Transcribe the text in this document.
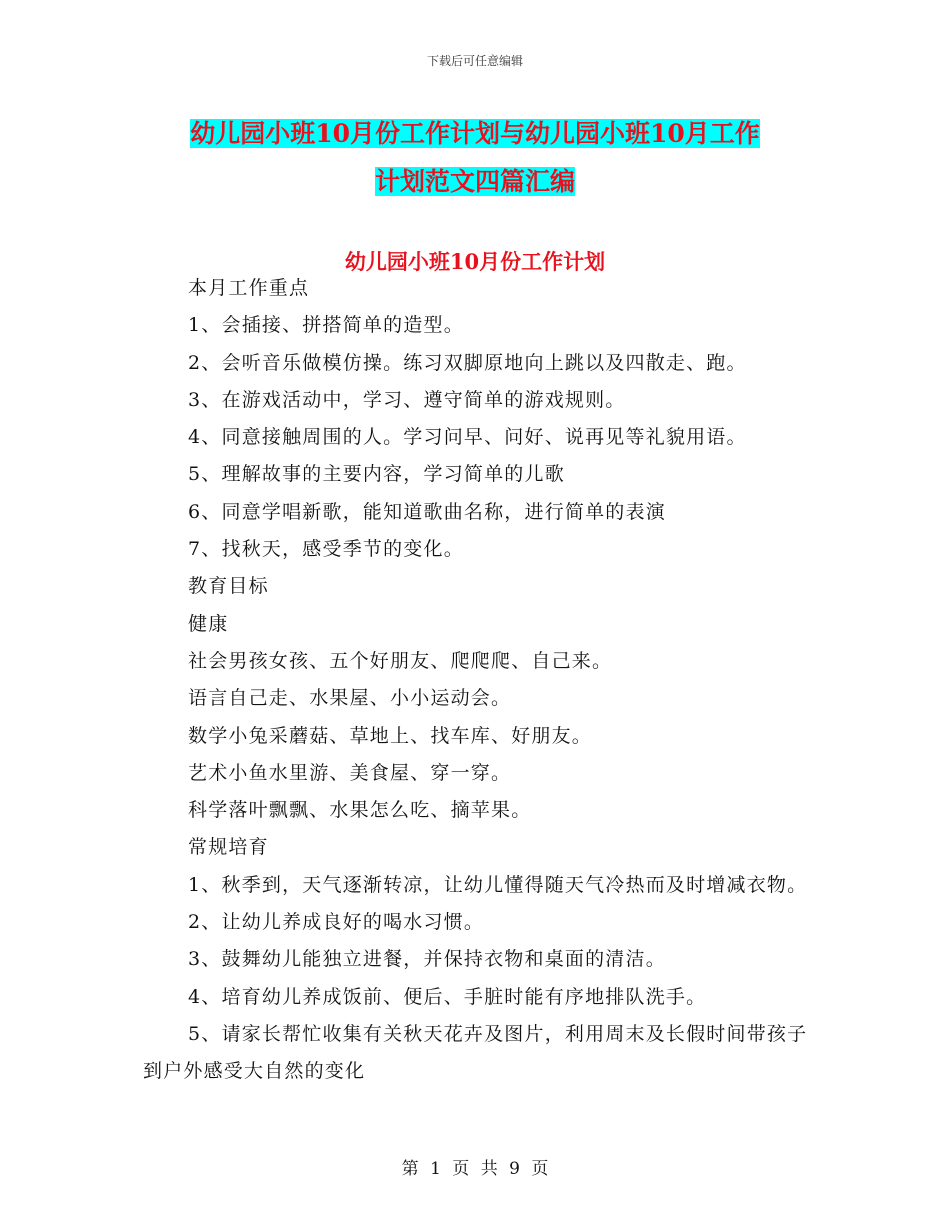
下载后可任意编辑
幼儿园小班10月份工作计划与幼儿园小班10月工作
计划范文四篇汇编
幼儿园小班10月份工作计划

本月工作重点

1、会插接、拼搭简单的造型。

2、会听音乐做模仿操。练习双脚原地向上跳以及四散走、跑。

3、在游戏活动中，学习、遵守简单的游戏规则。

4、同意接触周围的人。学习问早、问好、说再见等礼貌用语。

5、理解故事的主要内容，学习简单的儿歌

6、同意学唱新歌，能知道歌曲名称，进行简单的表演

7、找秋天，感受季节的变化。

教育目标

健康

社会男孩女孩、五个好朋友、爬爬爬、自己来。

语言自己走、水果屋、小小运动会。

数学小兔采蘑菇、草地上、找车库、好朋友。

艺术小鱼水里游、美食屋、穿一穿。

科学落叶飘飘、水果怎么吃、摘苹果。

常规培育

1、秋季到，天气逐渐转凉，让幼儿懂得随天气冷热而及时增减衣物。

2、让幼儿养成良好的喝水习惯。

3、鼓舞幼儿能独立进餐，并保持衣物和桌面的清洁。

4、培育幼儿养成饭前、便后、手脏时能有序地排队洗手。

5、请家长帮忙收集有关秋天花卉及图片，利用周末及长假时间带孩子到户外感受大自然的变化

第 1 页 共 9 页
